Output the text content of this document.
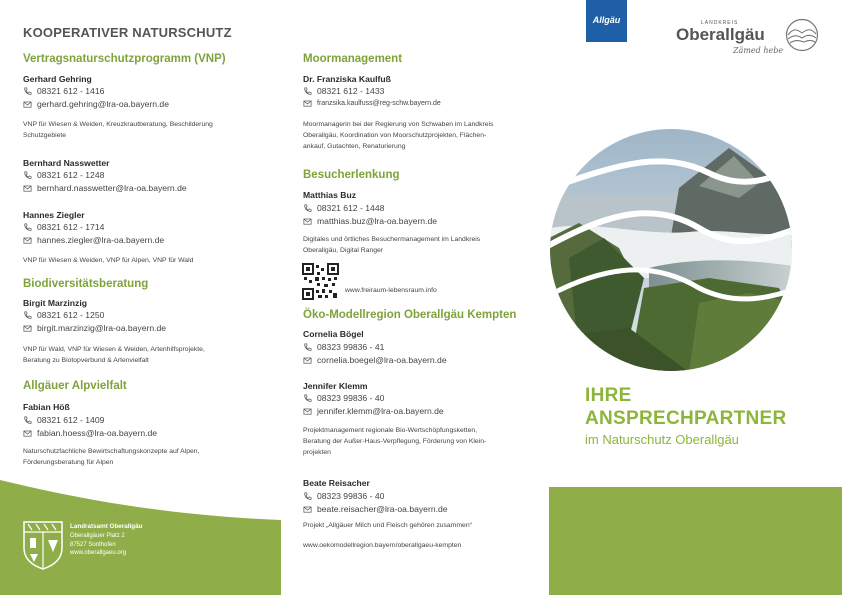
KOOPERATIVER NATURSCHUTZ
Vertragsnaturschutzprogramm (VNP)
Gerhard Gehring
08321 612 - 1416
gerhard.gehring@lra-oa.bayern.de
VNP für Wiesen & Weiden, Kreuzkrautberatung, Beschilderung
Schutzgebiete
Bernhard Nasswetter
08321 612 - 1248
bernhard.nasswetter@lra-oa.bayern.de
Hannes Ziegler
08321 612 - 1714
hannes.ziegler@lra-oa.bayern.de
VNP für Wiesen & Weiden, VNP für Alpen, VNP für Wald
Biodiversitätsberatung
Birgit Marzinzig
08321 612 - 1250
birgit.marzinzig@lra-oa.bayern.de
VNP für Wald, VNP für Wiesen & Weiden, Artenhilfsprojekte,
Beratung zu Biotopverbund & Artenvielfalt
Allgäuer Alpvielfalt
Fabian Höß
08321 612 - 1409
fabian.hoess@lra-oa.bayern.de
Naturschutzfachliche Bewirtschaftungskonzepte auf Alpen,
Förderungsberatung für Alpen
Landratsamt Oberallgäu
Oberallgäuer Platz 2
87527 Sonthofen
www.oberallgaeu.org
Moormanagement
Dr. Franziska Kaulfuß
08321 612 - 1433
franzsika.kaulfuss@reg-schw.bayern.de
Moormanagerin bei der Regierung von Schwaben im Landkreis
Oberallgäu, Koordination von Moorschutzprojekten, Flächen-
ankauf, Gutachten, Renaturierung
Besucherlenkung
Matthias Buz
08321 612 - 1448
matthias.buz@lra-oa.bayern.de
Digitales und örtliches Besuchermanagement im Landkreis
Oberallgäu, Digital Ranger
www.freiraum-lebensraum.info
Öko-Modellregion Oberallgäu Kempten
Cornelia Bögel
08323 99836 - 41
cornelia.boegel@lra-oa.bayern.de
Jennifer Klemm
08323 99836 - 40
jennifer.klemm@lra-oa.bayern.de
Projektmanagement regionale Bio-Wertschöpfungsketten,
Beratung der Außer-Haus-Verpflegung, Förderung von Klein-
projekten
Beate Reisacher
08323 99836 - 40
beate.reisacher@lra-oa.bayern.de
Projekt „Allgäuer Milch und Fleisch gehören zusammen“
www.oekomodellregion.bayern/oberallgaeu-kempten
Allgäu	LANDKREIS
Oberallgäu
Zämed hebe
IHRE
ANSPRECHPARTNER
im Naturschutz Oberallgäu
